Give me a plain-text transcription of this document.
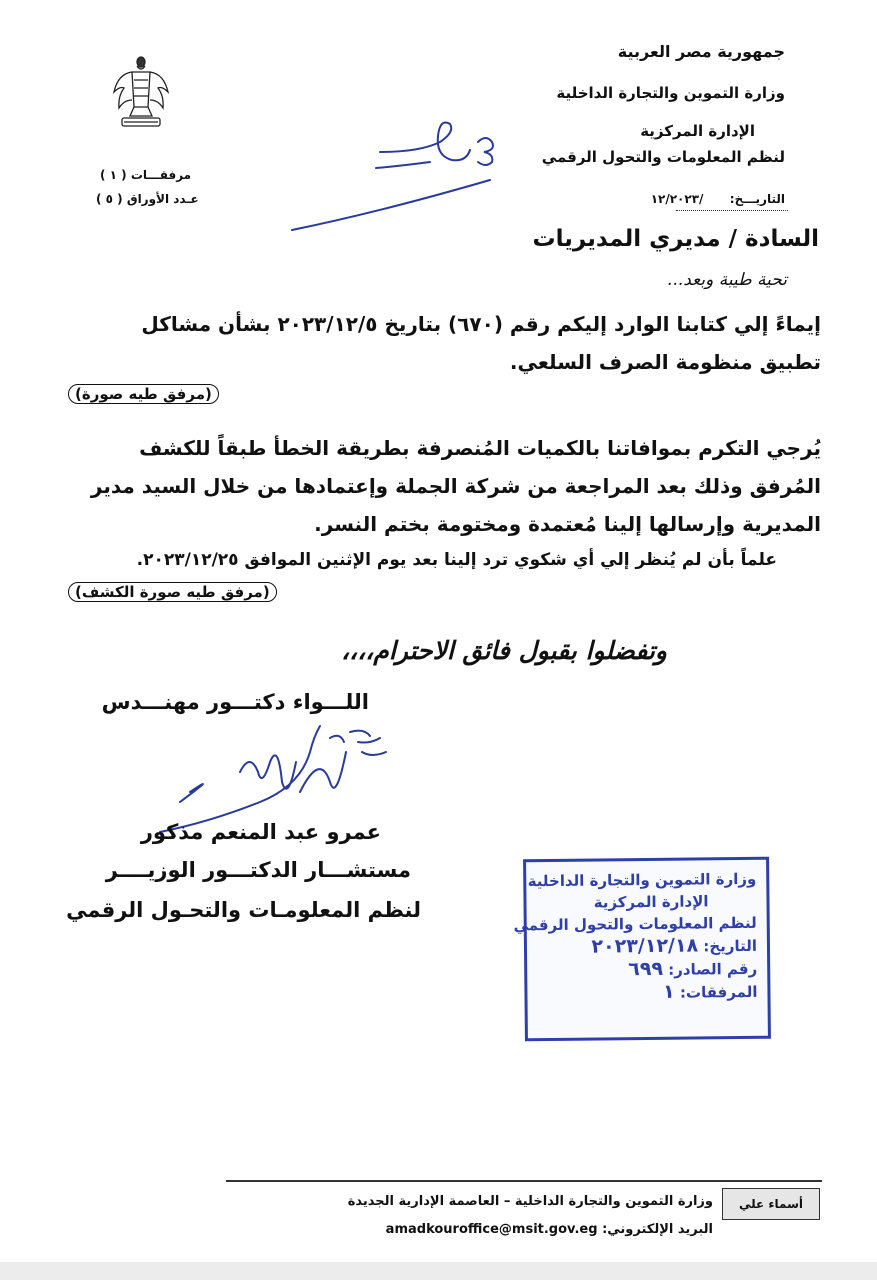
جمهورية مصر العربية
وزارة التموين والتجارة الداخلية
الإدارة المركزية
لنظم المعلومات والتحول الرقمي
التاريـــخ:  /١٢/٢٠٢٣
مرفقـــات ( ١ )
عـدد الأوراق ( ٥ )
السادة / مديري المديريات
تحية طيبة وبعد...
إيماءً إلي كتابنا الوارد إليكم رقم (٦٧٠) بتاريخ ٢٠٢٣/١٢/٥ بشأن مشاكل
تطبيق منظومة الصرف السلعي.
(مرفق طيه صورة)
يُرجي التكرم بموافاتنا بالكميات المُنصرفة بطريقة الخطأ طبقاً للكشف
المُرفق وذلك بعد المراجعة من شركة الجملة وإعتمادها من خلال السيد مدير
المديرية وإرسالها إلينا مُعتمدة ومختومة بختم النسر.
علماً بأن لم يُنظر إلي أي شكوي ترد إلينا بعد يوم الإثنين الموافق ٢٠٢٣/١٢/٢٥.
(مرفق طيه صورة الكشف)
وتفضلوا بقبول فائق الاحترام،،،،
اللـــواء دكتـــور مهنـــدس
عمرو عبد المنعم مذكور
مستشـــار الدكتـــور الوزيــــر
لنظم المعلومـات والتحـول الرقمي
وزارة التموين والتجارة الداخلية
الإدارة المركزية
لنظم المعلومات والتحول الرقمي
التاريخ: ٢٠٢٣/١٢/١٨
رقم الصادر: ٦٩٩
المرفقات: ١
أسماء علي
وزارة التموين والتجارة الداخلية – العاصمة الإدارية الجديدة
البريد الإلكتروني: amadkouroffice@msit.gov.eg
